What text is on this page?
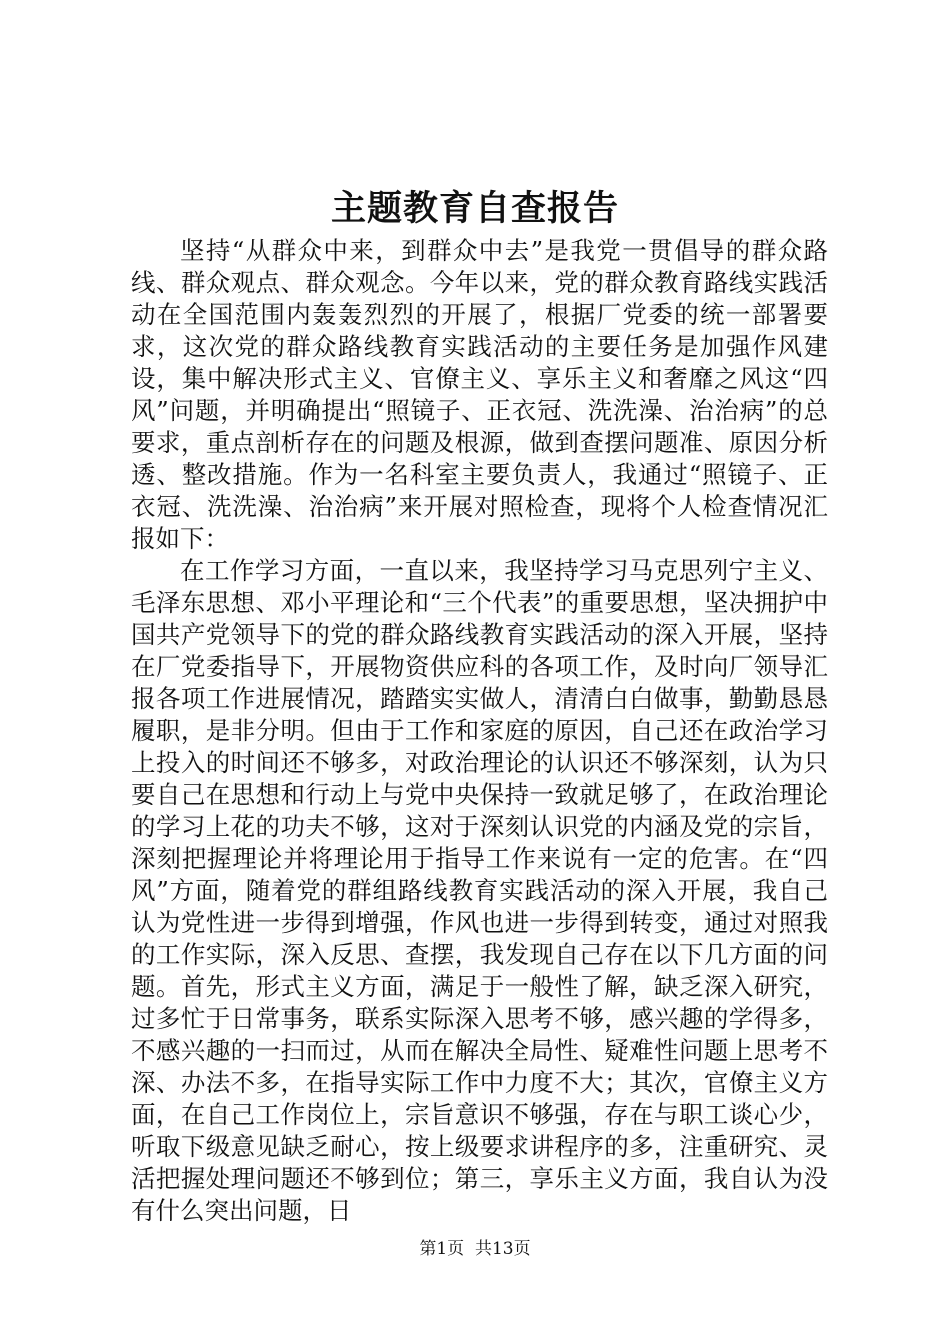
主题教育自查报告

坚持“从群众中来，到群众中去”是我党一贯倡导的群众路线、群众观点、群众观念。今年以来，党的群众教育路线实践活动在全国范围内轰轰烈烈的开展了，根据厂党委的统一部署要求，这次党的群众路线教育实践活动的主要任务是加强作风建设，集中解决形式主义、官僚主义、享乐主义和奢靡之风这“四风”问题，并明确提出“照镜子、正衣冠、洗洗澡、治治病”的总要求，重点剖析存在的问题及根源，做到查摆问题准、原因分析透、整改措施。作为一名科室主要负责人，我通过“照镜子、正衣冠、洗洗澡、治治病”来开展对照检查，现将个人检查情况汇报如下：

在工作学习方面，一直以来，我坚持学习马克思列宁主义、毛泽东思想、邓小平理论和“三个代表”的重要思想，坚决拥护中国共产党领导下的党的群众路线教育实践活动的深入开展，坚持在厂党委指导下，开展物资供应科的各项工作，及时向厂领导汇报各项工作进展情况，踏踏实实做人，清清白白做事，勤勤恳恳履职，是非分明。但由于工作和家庭的原因，自己还在政治学习上投入的时间还不够多，对政治理论的认识还不够深刻，认为只要自己在思想和行动上与党中央保持一致就足够了，在政治理论的学习上花的功夫不够，这对于深刻认识党的内涵及党的宗旨，深刻把握理论并将理论用于指导工作来说有一定的危害。在“四风”方面，随着党的群组路线教育实践活动的深入开展，我自己认为党性进一步得到增强，作风也进一步得到转变，通过对照我的工作实际，深入反思、查摆，我发现自己存在以下几方面的问题。首先，形式主义方面，满足于一般性了解，缺乏深入研究，过多忙于日常事务，联系实际深入思考不够，感兴趣的学得多，不感兴趣的一扫而过，从而在解决全局性、疑难性问题上思考不深、办法不多，在指导实际工作中力度不大；其次，官僚主义方面，在自己工作岗位上，宗旨意识不够强，存在与职工谈心少，听取下级意见缺乏耐心，按上级要求讲程序的多，注重研究、灵活把握处理问题还不够到位；第三，享乐主义方面，我自认为没有什么突出问题，日

第1页  共13页
